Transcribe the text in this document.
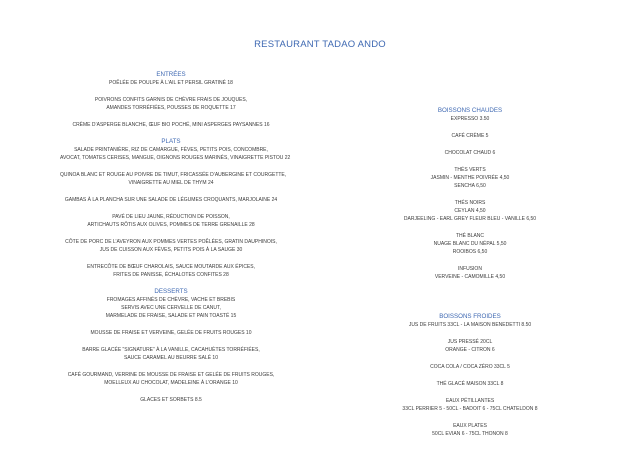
RESTAURANT TADAO ANDO
ENTRÉES
POÊLÉE DE POULPE À L’AIL ET PERSIL GRATINÉ 18
POIVRONS CONFITS GARNIS DE CHÈVRE FRAIS DE JOUQUES,
AMANDES TORRÉFIÉES, POUSSES DE ROQUETTE 17
CRÈME D’ASPERGE BLANCHE, ŒUF BIO POCHÉ, MINI ASPERGES PAYSANNES 16
PLATS
SALADE PRINTANIÈRE, RIZ DE CAMARGUE, FÈVES, PETITS POIS, CONCOMBRE,
AVOCAT, TOMATES CERISES, MANGUE, OIGNONS ROUGES MARINÉS, VINAIGRETTE PISTOU 22
QUINOA BLANC ET ROUGE AU POIVRE DE TIMUT, FRICASSÉE D’AUBERGINE ET COURGETTE,
VINAIGRETTE AU MIEL DE THYM 24
GAMBAS À LA PLANCHA SUR UNE SALADE DE LÉGUMES CROQUANTS, MARJOLAINE 24
PAVÉ DE LIEU JAUNE, RÉDUCTION DE POISSON,
ARTICHAUTS RÔTIS AUX OLIVES, POMMES DE TERRE GRENAILLE 28
CÔTE DE PORC DE L’AVEYRON AUX POMMES VERTES POÊLÉES, GRATIN DAUPHINOIS,
JUS DE CUISSON AUX FÈVES, PETITS POIS À LA SAUGE 30
ENTRECÔTE DE BŒUF CHAROLAIS, SAUCE MOUTARDE AUX ÉPICES,
FRITES DE PANISSE, ÉCHALOTES CONFITES 28
DESSERTS
FROMAGES AFFINÉS DE CHÈVRE, VACHE ET BREBIS
SERVIS AVEC UNE CERVELLE DE CANUT,
MARMELADE DE FRAISE, SALADE ET PAIN TOASTÉ 15
MOUSSE DE FRAISE ET VERVEINE, GELÉE DE FRUITS ROUGES 10
BARRE GLACÉE “SIGNATURE” À LA VANILLE, CACAHUÈTES TORRÉFIÉES,
SAUCE CARAMEL AU BEURRE SALÉ 10
CAFÉ GOURMAND, VERRINE DE MOUSSE DE FRAISE ET GELÉE DE FRUITS ROUGES,
MOELLEUX AU CHOCOLAT, MADELEINE À L’ORANGE 10
GLACES ET SORBETS 8.5
BOISSONS CHAUDES
EXPRESSO 3.50
CAFÉ CRÈME 5
CHOCOLAT CHAUD 6
THÉS VERTS
JASMIN - MENTHE POIVRÉE 4,50
SENCHA 6,50
THÉS NOIRS
CEYLAN 4,50
DARJEELING - EARL GREY FLEUR BLEU - VANILLE 6,50
THÉ BLANC
NUAGE BLANC DU NÉPAL 5,50
ROOIBOS 6,50
INFUSION
VERVEINE - CAMOMILLE 4,50
BOISSONS FROIDES
JUS DE FRUITS 33CL - LA MAISON BENEDETTI 8.50
JUS PRESSÉ 20CL
ORANGE - CITRON 6
COCA COLA / COCA ZÉRO 33CL 5
THÉ GLACÉ MAISON 33CL 8
EAUX PÉTILLANTES
33CL PERRIER 5 - 50CL - BADOIT 6 - 75CL CHATELDON 8
EAUX PLATES
50CL EVIAN 6 - 75CL THONON 8
